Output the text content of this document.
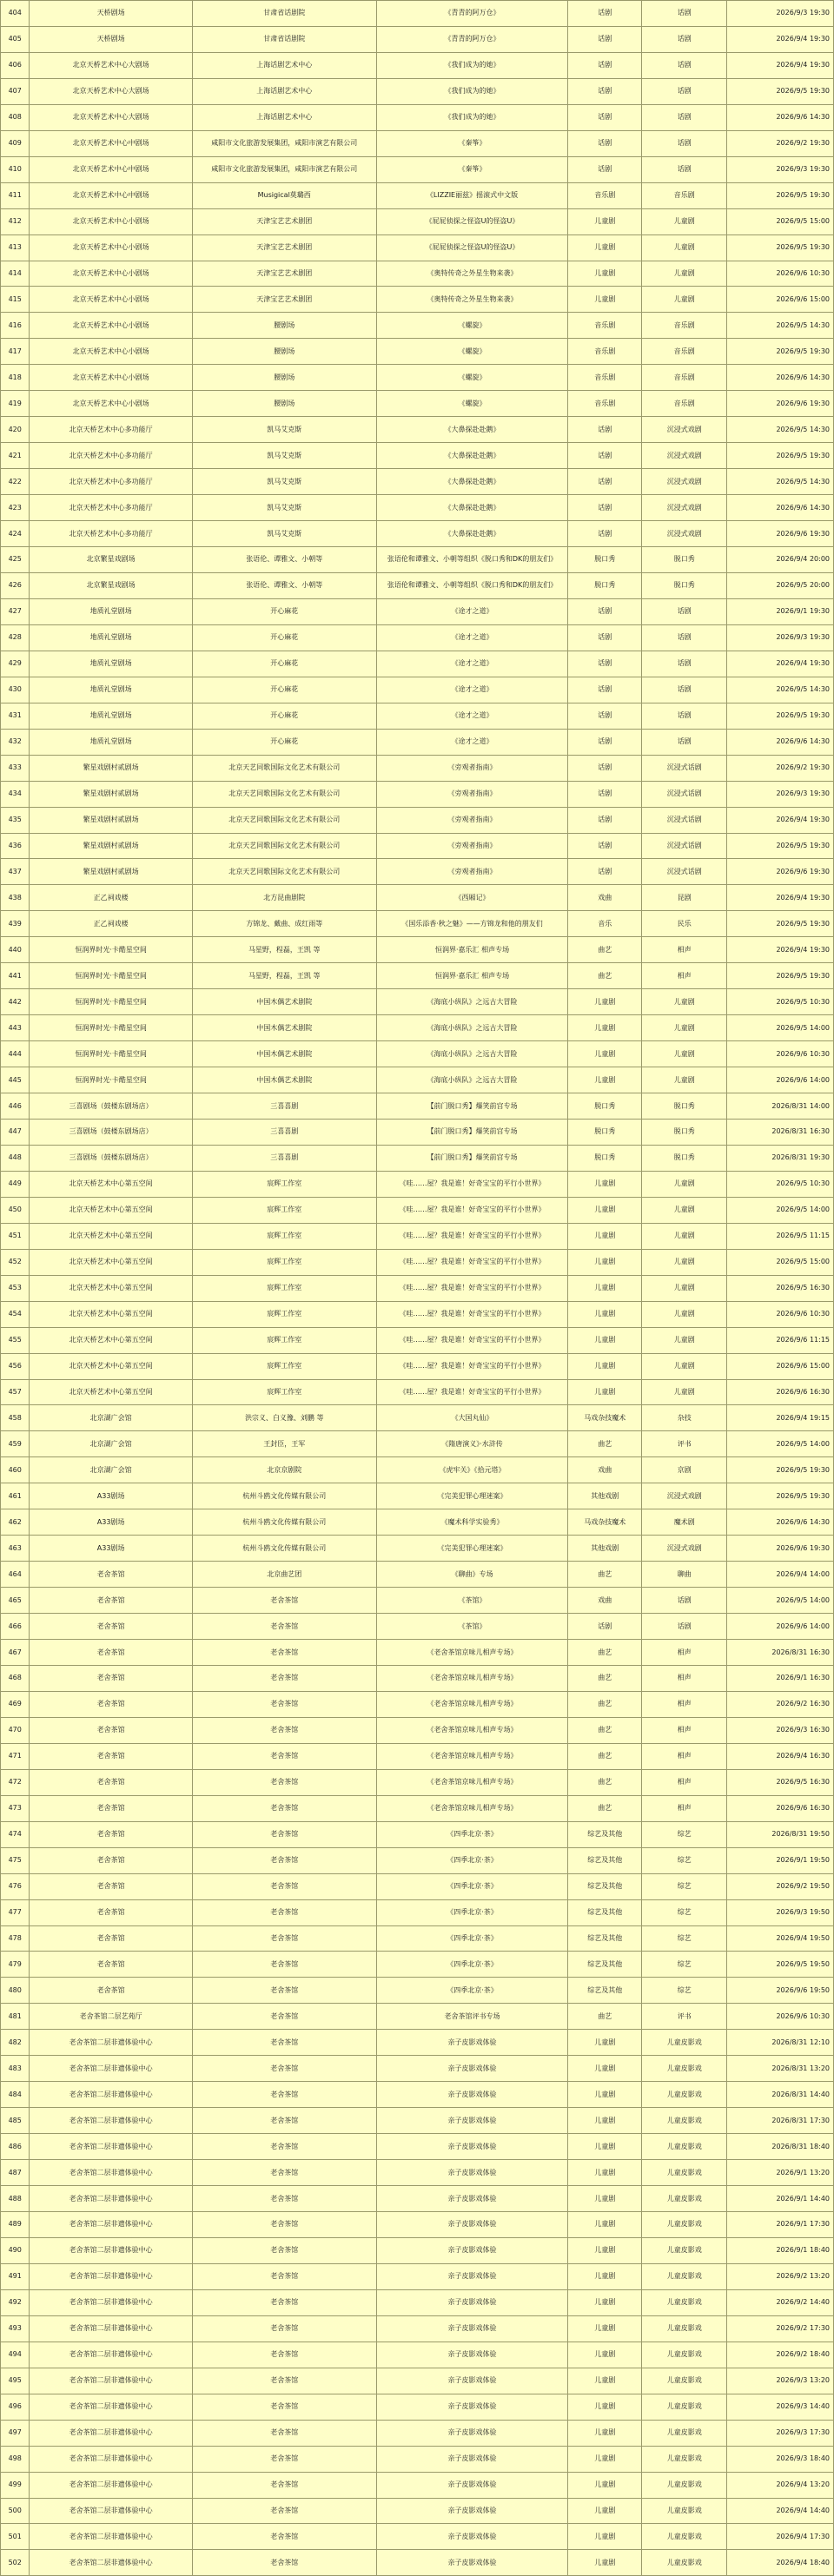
404	天桥剧场	甘肃省话剧院	《青青的阿万仓》	话剧	话剧	2026/9/3 19:30
405	天桥剧场	甘肃省话剧院	《青青的阿万仓》	话剧	话剧	2026/9/4 19:30
406	北京天桥艺术中心大剧场	上海话剧艺术中心	《我们成为的她》	话剧	话剧	2026/9/4 19:30
407	北京天桥艺术中心大剧场	上海话剧艺术中心	《我们成为的她》	话剧	话剧	2026/9/5 19:30
408	北京天桥艺术中心大剧场	上海话剧艺术中心	《我们成为的她》	话剧	话剧	2026/9/6 14:30
409	北京天桥艺术中心中剧场	咸阳市文化旅游发展集团，咸阳市演艺有限公司	《秦筝》	话剧	话剧	2026/9/2 19:30
410	北京天桥艺术中心中剧场	咸阳市文化旅游发展集团，咸阳市演艺有限公司	《秦筝》	话剧	话剧	2026/9/3 19:30
411	北京天桥艺术中心中剧场	Musigical莫璐西	《LIZZIE丽兹》摇滚式中文版	音乐剧	音乐剧	2026/9/5 19:30
412	北京天桥艺术中心小剧场	天津宝艺艺术剧团	《屁屁侦探之怪盗U的怪盗U》	儿童剧	儿童剧	2026/9/5 15:00
413	北京天桥艺术中心小剧场	天津宝艺艺术剧团	《屁屁侦探之怪盗U的怪盗U》	儿童剧	儿童剧	2026/9/5 19:30
414	北京天桥艺术中心小剧场	天津宝艺艺术剧团	《奥特传奇之外星生物来袭》	儿童剧	儿童剧	2026/9/6 10:30
415	北京天桥艺术中心小剧场	天津宝艺艺术剧团	《奥特传奇之外星生物来袭》	儿童剧	儿童剧	2026/9/6 15:00
416	北京天桥艺术中心小剧场	腰剧场	《螺旋》	音乐剧	音乐剧	2026/9/5 14:30
417	北京天桥艺术中心小剧场	腰剧场	《螺旋》	音乐剧	音乐剧	2026/9/5 19:30
418	北京天桥艺术中心小剧场	腰剧场	《螺旋》	音乐剧	音乐剧	2026/9/6 14:30
419	北京天桥艺术中心小剧场	腰剧场	《螺旋》	音乐剧	音乐剧	2026/9/6 19:30
420	北京天桥艺术中心多功能厅	凯马艾克斯	《大鼻探赴赴鹅》	话剧	沉浸式戏剧	2026/9/5 14:30
421	北京天桥艺术中心多功能厅	凯马艾克斯	《大鼻探赴赴鹅》	话剧	沉浸式戏剧	2026/9/5 19:30
422	北京天桥艺术中心多功能厅	凯马艾克斯	《大鼻探赴赴鹅》	话剧	沉浸式戏剧	2026/9/5 14:30
423	北京天桥艺术中心多功能厅	凯马艾克斯	《大鼻探赴赴鹅》	话剧	沉浸式戏剧	2026/9/6 14:30
424	北京天桥艺术中心多功能厅	凯马艾克斯	《大鼻探赴赴鹅》	话剧	沉浸式戏剧	2026/9/6 19:30
425	北京繁星戏剧场	张语伦、谭雅文、小朝等	张语伦和谭雅文、小朝等组织《脱口秀和DK的朋友们》	脱口秀	脱口秀	2026/9/4 20:00
426	北京繁星戏剧场	张语伦、谭雅文、小朝等	张语伦和谭雅文、小朝等组织《脱口秀和DK的朋友们》	脱口秀	脱口秀	2026/9/5 20:00
427	地质礼堂剧场	开心麻花	《途才之道》	话剧	话剧	2026/9/1 19:30
428	地质礼堂剧场	开心麻花	《途才之道》	话剧	话剧	2026/9/3 19:30
429	地质礼堂剧场	开心麻花	《途才之道》	话剧	话剧	2026/9/4 19:30
430	地质礼堂剧场	开心麻花	《途才之道》	话剧	话剧	2026/9/5 14:30
431	地质礼堂剧场	开心麻花	《途才之道》	话剧	话剧	2026/9/5 19:30
432	地质礼堂剧场	开心麻花	《途才之道》	话剧	话剧	2026/9/6 14:30
433	繁星戏剧村贰剧场	北京天艺同歌国际文化艺术有限公司	《旁观者指南》	话剧	沉浸式话剧	2026/9/2 19:30
434	繁星戏剧村贰剧场	北京天艺同歌国际文化艺术有限公司	《旁观者指南》	话剧	沉浸式话剧	2026/9/3 19:30
435	繁星戏剧村贰剧场	北京天艺同歌国际文化艺术有限公司	《旁观者指南》	话剧	沉浸式话剧	2026/9/4 19:30
436	繁星戏剧村贰剧场	北京天艺同歌国际文化艺术有限公司	《旁观者指南》	话剧	沉浸式话剧	2026/9/5 19:30
437	繁星戏剧村贰剧场	北京天艺同歌国际文化艺术有限公司	《旁观者指南》	话剧	沉浸式话剧	2026/9/6 19:30
438	正乙祠戏楼	北方昆曲剧院	《西厢记》	戏曲	昆剧	2026/9/4 19:30
439	正乙祠戏楼	方锦龙、戴曲、成红雨等	《国乐添香·秋之魅》——方锦龙和他的朋友们	音乐	民乐	2026/9/5 19:30
440	恒润界时光·卡酷星空间	马星野，程磊，王凯 等	恒润界·嘉乐汇 相声专场	曲艺	相声	2026/9/4 19:30
441	恒润界时光·卡酷星空间	马星野，程磊，王凯 等	恒润界·嘉乐汇 相声专场	曲艺	相声	2026/9/5 19:30
442	恒润界时光·卡酷星空间	中国木偶艺术剧院	《海底小纵队》之远古大冒险	儿童剧	儿童剧	2026/9/5 10:30
443	恒润界时光·卡酷星空间	中国木偶艺术剧院	《海底小纵队》之远古大冒险	儿童剧	儿童剧	2026/9/5 14:00
444	恒润界时光·卡酷星空间	中国木偶艺术剧院	《海底小纵队》之远古大冒险	儿童剧	儿童剧	2026/9/6 10:30
445	恒润界时光·卡酷星空间	中国木偶艺术剧院	《海底小纵队》之远古大冒险	儿童剧	儿童剧	2026/9/6 14:00
446	三喜剧场（鼓楼东剧场店）	三喜喜剧	【前门脱口秀】爆笑前宫专场	脱口秀	脱口秀	2026/8/31 14:00
447	三喜剧场（鼓楼东剧场店）	三喜喜剧	【前门脱口秀】爆笑前宫专场	脱口秀	脱口秀	2026/8/31 16:30
448	三喜剧场（鼓楼东剧场店）	三喜喜剧	【前门脱口秀】爆笑前宫专场	脱口秀	脱口秀	2026/8/31 19:30
449	北京天桥艺术中心第五空间	宸辉工作室	《哇……屋？我是谁！好奇宝宝的平行小世界》	儿童剧	儿童剧	2026/9/5 10:30
450	北京天桥艺术中心第五空间	宸辉工作室	《哇……屋？我是谁！好奇宝宝的平行小世界》	儿童剧	儿童剧	2026/9/5 14:00
451	北京天桥艺术中心第五空间	宸辉工作室	《哇……屋？我是谁！好奇宝宝的平行小世界》	儿童剧	儿童剧	2026/9/5 11:15
452	北京天桥艺术中心第五空间	宸辉工作室	《哇……屋？我是谁！好奇宝宝的平行小世界》	儿童剧	儿童剧	2026/9/5 15:00
453	北京天桥艺术中心第五空间	宸辉工作室	《哇……屋？我是谁！好奇宝宝的平行小世界》	儿童剧	儿童剧	2026/9/5 16:30
454	北京天桥艺术中心第五空间	宸辉工作室	《哇……屋？我是谁！好奇宝宝的平行小世界》	儿童剧	儿童剧	2026/9/6 10:30
455	北京天桥艺术中心第五空间	宸辉工作室	《哇……屋？我是谁！好奇宝宝的平行小世界》	儿童剧	儿童剧	2026/9/6 11:15
456	北京天桥艺术中心第五空间	宸辉工作室	《哇……屋？我是谁！好奇宝宝的平行小世界》	儿童剧	儿童剧	2026/9/6 15:00
457	北京天桥艺术中心第五空间	宸辉工作室	《哇……屋？我是谁！好奇宝宝的平行小世界》	儿童剧	儿童剧	2026/9/6 16:30
458	北京湖广会馆	洪宗义、白义豫、刘鹏 等	《大国丸仙》	马戏杂技魔术	杂技	2026/9/4 19:15
459	北京湖广会馆	王封臣，王军	《隋唐演义》·水浒传	曲艺	评书	2026/9/5 14:00
460	北京湖广会馆	北京京剧院	《虎牢关》《拾元塔》	戏曲	京剧	2026/9/5 19:30
461	A33剧场	杭州斗鸥文化传媒有限公司	《完美犯罪心理迷案》	其他戏剧	沉浸式戏剧	2026/9/5 19:30
462	A33剧场	杭州斗鸥文化传媒有限公司	《魔术科学实验秀》	马戏杂技魔术	魔术剧	2026/9/6 14:30
463	A33剧场	杭州斗鸥文化传媒有限公司	《完美犯罪心理迷案》	其他戏剧	沉浸式戏剧	2026/9/6 19:30
464	老舍茶馆	北京曲艺团	《聊曲》专场	曲艺	聊曲	2026/9/4 14:00
465	老舍茶馆	老舍茶馆	《茶馆》	戏曲	话剧	2026/9/5 14:00
466	老舍茶馆	老舍茶馆	《茶馆》	话剧	话剧	2026/9/6 14:00
467	老舍茶馆	老舍茶馆	《老舍茶馆京味儿相声专场》	曲艺	相声	2026/8/31 16:30
468	老舍茶馆	老舍茶馆	《老舍茶馆京味儿相声专场》	曲艺	相声	2026/9/1 16:30
469	老舍茶馆	老舍茶馆	《老舍茶馆京味儿相声专场》	曲艺	相声	2026/9/2 16:30
470	老舍茶馆	老舍茶馆	《老舍茶馆京味儿相声专场》	曲艺	相声	2026/9/3 16:30
471	老舍茶馆	老舍茶馆	《老舍茶馆京味儿相声专场》	曲艺	相声	2026/9/4 16:30
472	老舍茶馆	老舍茶馆	《老舍茶馆京味儿相声专场》	曲艺	相声	2026/9/5 16:30
473	老舍茶馆	老舍茶馆	《老舍茶馆京味儿相声专场》	曲艺	相声	2026/9/6 16:30
474	老舍茶馆	老舍茶馆	《四季北京·茶》	综艺及其他	综艺	2026/8/31 19:50
475	老舍茶馆	老舍茶馆	《四季北京·茶》	综艺及其他	综艺	2026/9/1 19:50
476	老舍茶馆	老舍茶馆	《四季北京·茶》	综艺及其他	综艺	2026/9/2 19:50
477	老舍茶馆	老舍茶馆	《四季北京·茶》	综艺及其他	综艺	2026/9/3 19:50
478	老舍茶馆	老舍茶馆	《四季北京·茶》	综艺及其他	综艺	2026/9/4 19:50
479	老舍茶馆	老舍茶馆	《四季北京·茶》	综艺及其他	综艺	2026/9/5 19:50
480	老舍茶馆	老舍茶馆	《四季北京·茶》	综艺及其他	综艺	2026/9/6 19:50
481	老舍茶馆二层艺苑厅	老舍茶馆	老舍茶馆评书专场	曲艺	评书	2026/9/6 10:30
482	老舍茶馆二层非遗体验中心	老舍茶馆	亲子皮影戏体验	儿童剧	儿童皮影戏	2026/8/31 12:10
483	老舍茶馆二层非遗体验中心	老舍茶馆	亲子皮影戏体验	儿童剧	儿童皮影戏	2026/8/31 13:20
484	老舍茶馆二层非遗体验中心	老舍茶馆	亲子皮影戏体验	儿童剧	儿童皮影戏	2026/8/31 14:40
485	老舍茶馆二层非遗体验中心	老舍茶馆	亲子皮影戏体验	儿童剧	儿童皮影戏	2026/8/31 17:30
486	老舍茶馆二层非遗体验中心	老舍茶馆	亲子皮影戏体验	儿童剧	儿童皮影戏	2026/8/31 18:40
487	老舍茶馆二层非遗体验中心	老舍茶馆	亲子皮影戏体验	儿童剧	儿童皮影戏	2026/9/1 13:20
488	老舍茶馆二层非遗体验中心	老舍茶馆	亲子皮影戏体验	儿童剧	儿童皮影戏	2026/9/1 14:40
489	老舍茶馆二层非遗体验中心	老舍茶馆	亲子皮影戏体验	儿童剧	儿童皮影戏	2026/9/1 17:30
490	老舍茶馆二层非遗体验中心	老舍茶馆	亲子皮影戏体验	儿童剧	儿童皮影戏	2026/9/1 18:40
491	老舍茶馆二层非遗体验中心	老舍茶馆	亲子皮影戏体验	儿童剧	儿童皮影戏	2026/9/2 13:20
492	老舍茶馆二层非遗体验中心	老舍茶馆	亲子皮影戏体验	儿童剧	儿童皮影戏	2026/9/2 14:40
493	老舍茶馆二层非遗体验中心	老舍茶馆	亲子皮影戏体验	儿童剧	儿童皮影戏	2026/9/2 17:30
494	老舍茶馆二层非遗体验中心	老舍茶馆	亲子皮影戏体验	儿童剧	儿童皮影戏	2026/9/2 18:40
495	老舍茶馆二层非遗体验中心	老舍茶馆	亲子皮影戏体验	儿童剧	儿童皮影戏	2026/9/3 13:20
496	老舍茶馆二层非遗体验中心	老舍茶馆	亲子皮影戏体验	儿童剧	儿童皮影戏	2026/9/3 14:40
497	老舍茶馆二层非遗体验中心	老舍茶馆	亲子皮影戏体验	儿童剧	儿童皮影戏	2026/9/3 17:30
498	老舍茶馆二层非遗体验中心	老舍茶馆	亲子皮影戏体验	儿童剧	儿童皮影戏	2026/9/3 18:40
499	老舍茶馆二层非遗体验中心	老舍茶馆	亲子皮影戏体验	儿童剧	儿童皮影戏	2026/9/4 13:20
500	老舍茶馆二层非遗体验中心	老舍茶馆	亲子皮影戏体验	儿童剧	儿童皮影戏	2026/9/4 14:40
501	老舍茶馆二层非遗体验中心	老舍茶馆	亲子皮影戏体验	儿童剧	儿童皮影戏	2026/9/4 17:30
502	老舍茶馆二层非遗体验中心	老舍茶馆	亲子皮影戏体验	儿童剧	儿童皮影戏	2026/9/4 18:40
